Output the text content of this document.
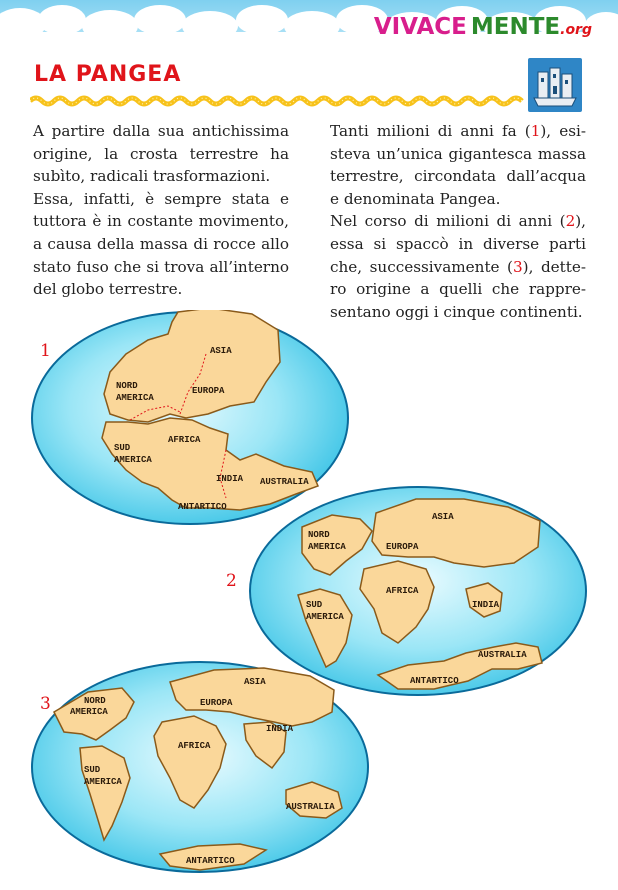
VIVACE MENTE.org
LA PANGEA

A partire dalla sua antichissima origine, la crosta terrestre ha subìto, radicali trasformazioni.

Essa, infatti, è sempre stata e tuttora è in costante movimento, a causa della massa di rocce allo stato fuso che si trova all’interno del globo terrestre.

Tanti milioni di anni fa (1), esisteva un’unica gigantesca massa terrestre, circondata dall’acqua e denominata Pangea.

Nel corso di milioni di anni (2), essa si spaccò in diverse parti che, successivamente (3), dettero origine a quelli che rappresentano oggi i cinque continenti.

1
2
3
ASIA
NORD
AMERICA
EUROPA
SUD
AMERICA
AFRICA
INDIA AUSTRALIA
ANTARTICO
ASIA
NORD
AMERICA	EUROPA
AFRICA
INDIA
SUD
AMERICA
AUSTRALIA
ANTARTICO
ASIA
NORD
AMERICA
EUROPA
INDIA
AFRICA
SUD
AMERICA
AUSTRALIA
ANTARTICO
